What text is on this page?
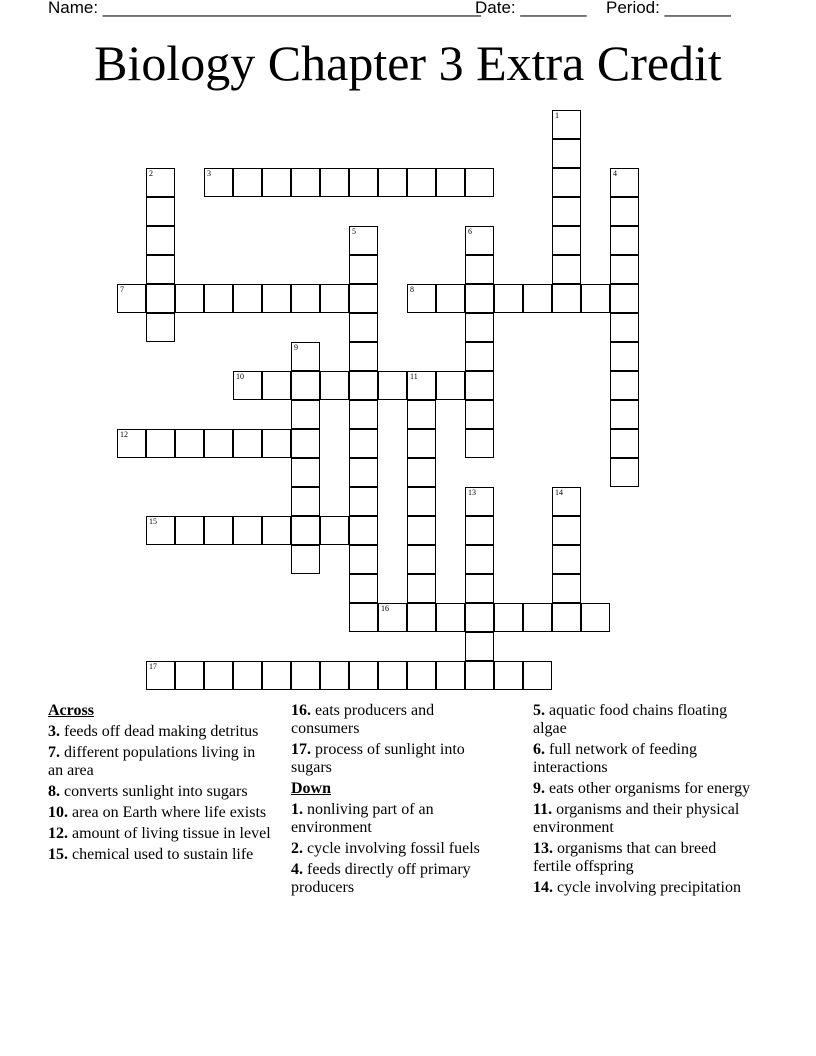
Name: ________________________________________
Date: _______ Period: _______
Biology Chapter 3 Extra Credit
1
2	3	4
5	6
7	8
9
10	11
12
13	14
15
16
17
Across
3. feeds off dead making detritus
7. different populations living in an area
8. converts sunlight into sugars
10. area on Earth where life exists
12. amount of living tissue in level
15. chemical used to sustain life
16. eats producers and consumers
17. process of sunlight into sugars
Down
1. nonliving part of an environment
2. cycle involving fossil fuels
4. feeds directly off primary producers
5. aquatic food chains floating algae
6. full network of feeding interactions
9. eats other organisms for energy
11. organisms and their physical environment
13. organisms that can breed fertile offspring
14. cycle involving precipitation
